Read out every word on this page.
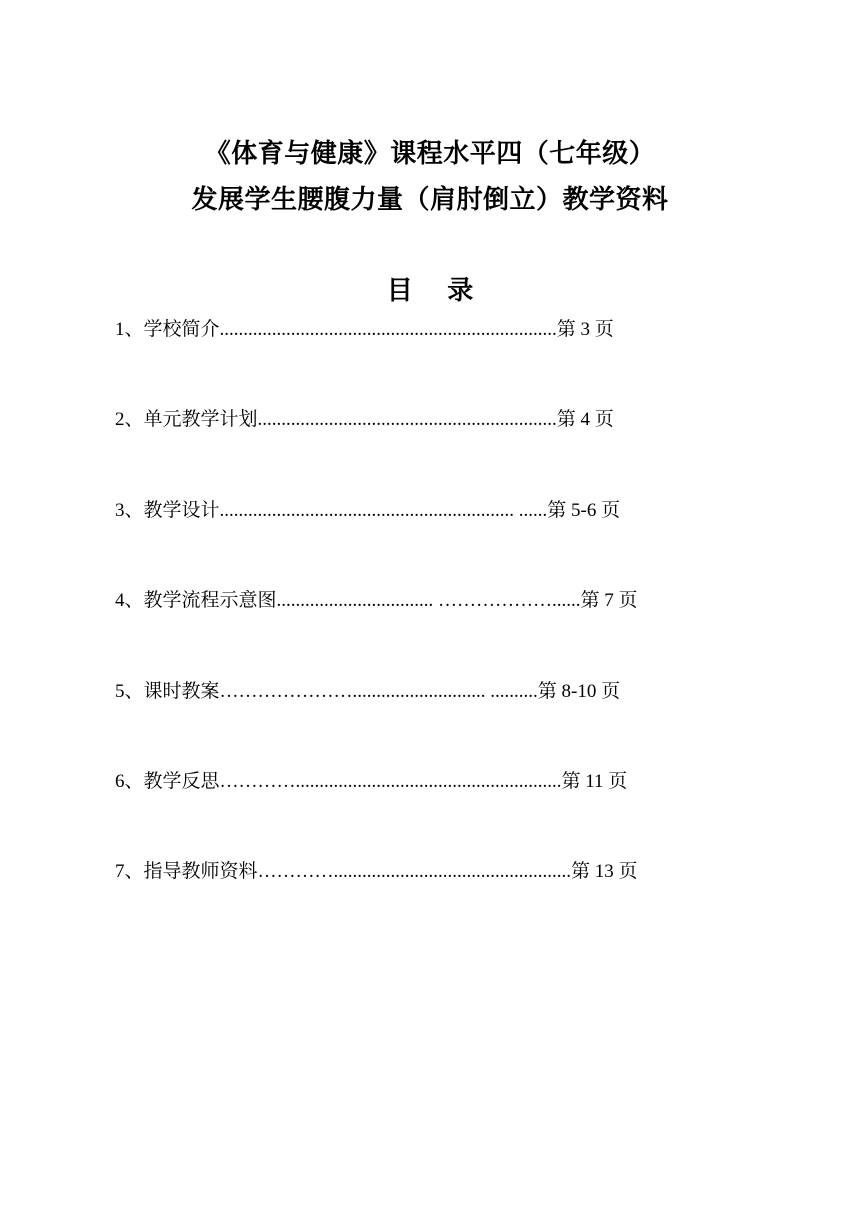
《体育与健康》课程水平四（七年级）
发展学生腰腹力量（肩肘倒立）教学资料
目 录
1、学校简介.......................................................................第 3 页
2、单元教学计划...............................................................第 4 页
3、教学设计.............................................................. ......第 5-6 页
4、教学流程示意图................................. ………………......第 7 页
5、课时教案…………………............................ ..........第 8-10 页
6、教学反思…………........................................................第 11 页
7、指导教师资料…………..................................................第 13 页
